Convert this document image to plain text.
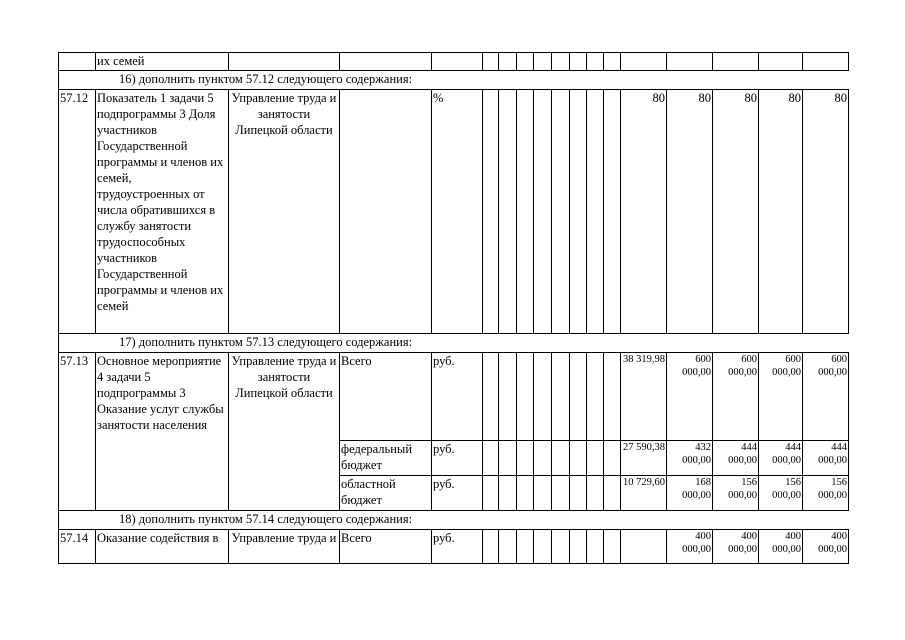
	их семей																
16) дополнить пунктом 57.12 следующего содержания:																	
57.12	Показатель 1 задачи 5 подпрограммы 3 Доля участников Государственной программы и членов их семей, трудоустроенных от числа обратившихся в службу занятости трудоспособных участников Государственной программы и членов их семей	Управление труда и занятости Липецкой области		%									80	80	80	80	80
17) дополнить пунктом 57.13 следующего содержания:																	
57.13	Основное мероприятие 4 задачи 5 подпрограммы 3 Оказание услуг службы занятости населения	Управление труда и занятости Липецкой области	Всего	руб.									38 319,98	600 000,00	600 000,00	600 000,00	600 000,00
			федеральный бюджет	руб.									27 590,38	432 000,00	444 000,00	444 000,00	444 000,00
			областной бюджет	руб.									10 729,60	168 000,00	156 000,00	156 000,00	156 000,00
18) дополнить пунктом 57.14 следующего содержания:																	
57.14	Оказание содействия в	Управление труда и	Всего	руб.										400 000,00	400 000,00	400 000,00	400 000,00
